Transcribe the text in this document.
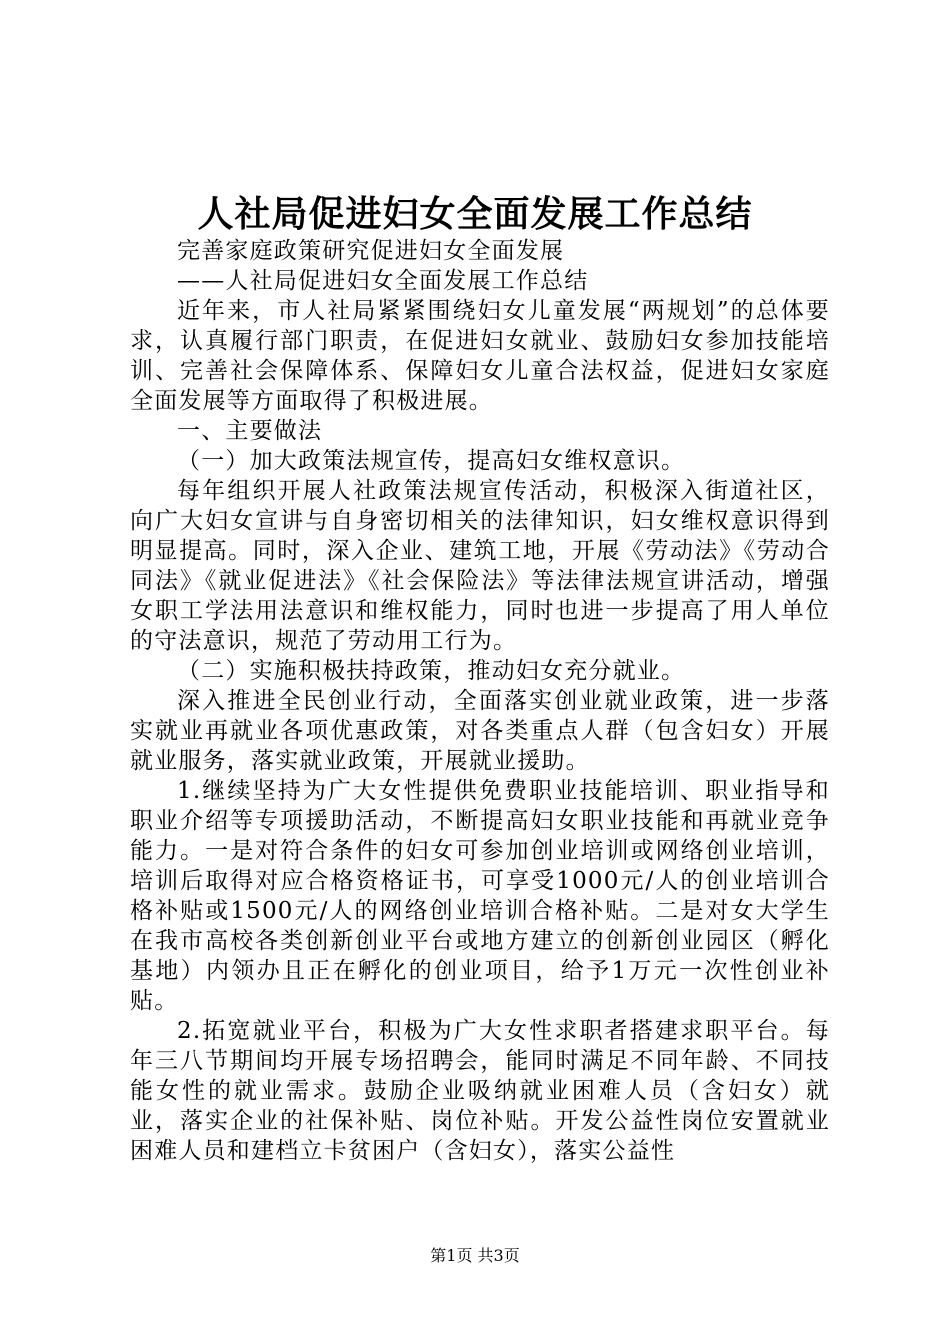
人社局促进妇女全面发展工作总结

完善家庭政策研究促进妇女全面发展

——人社局促进妇女全面发展工作总结

近年来，市人社局紧紧围绕妇女儿童发展“两规划”的总体要求，认真履行部门职责，在促进妇女就业、鼓励妇女参加技能培训、完善社会保障体系、保障妇女儿童合法权益，促进妇女家庭全面发展等方面取得了积极进展。

一、主要做法

（一）加大政策法规宣传，提高妇女维权意识。

每年组织开展人社政策法规宣传活动，积极深入街道社区，向广大妇女宣讲与自身密切相关的法律知识，妇女维权意识得到明显提高。同时，深入企业、建筑工地，开展《劳动法》《劳动合同法》《就业促进法》《社会保险法》等法律法规宣讲活动，增强女职工学法用法意识和维权能力，同时也进一步提高了用人单位的守法意识，规范了劳动用工行为。

（二）实施积极扶持政策，推动妇女充分就业。

深入推进全民创业行动，全面落实创业就业政策，进一步落实就业再就业各项优惠政策，对各类重点人群（包含妇女）开展就业服务，落实就业政策，开展就业援助。

1.继续坚持为广大女性提供免费职业技能培训、职业指导和职业介绍等专项援助活动，不断提高妇女职业技能和再就业竞争能力。一是对符合条件的妇女可参加创业培训或网络创业培训，培训后取得对应合格资格证书，可享受1000元/人的创业培训合格补贴或1500元/人的网络创业培训合格补贴。二是对女大学生在我市高校各类创新创业平台或地方建立的创新创业园区（孵化基地）内领办且正在孵化的创业项目，给予1万元一次性创业补贴。

2.拓宽就业平台，积极为广大女性求职者搭建求职平台。每年三八节期间均开展专场招聘会，能同时满足不同年龄、不同技能女性的就业需求。鼓励企业吸纳就业困难人员（含妇女）就业，落实企业的社保补贴、岗位补贴。开发公益性岗位安置就业困难人员和建档立卡贫困户（含妇女），落实公益性

第1页 共3页
